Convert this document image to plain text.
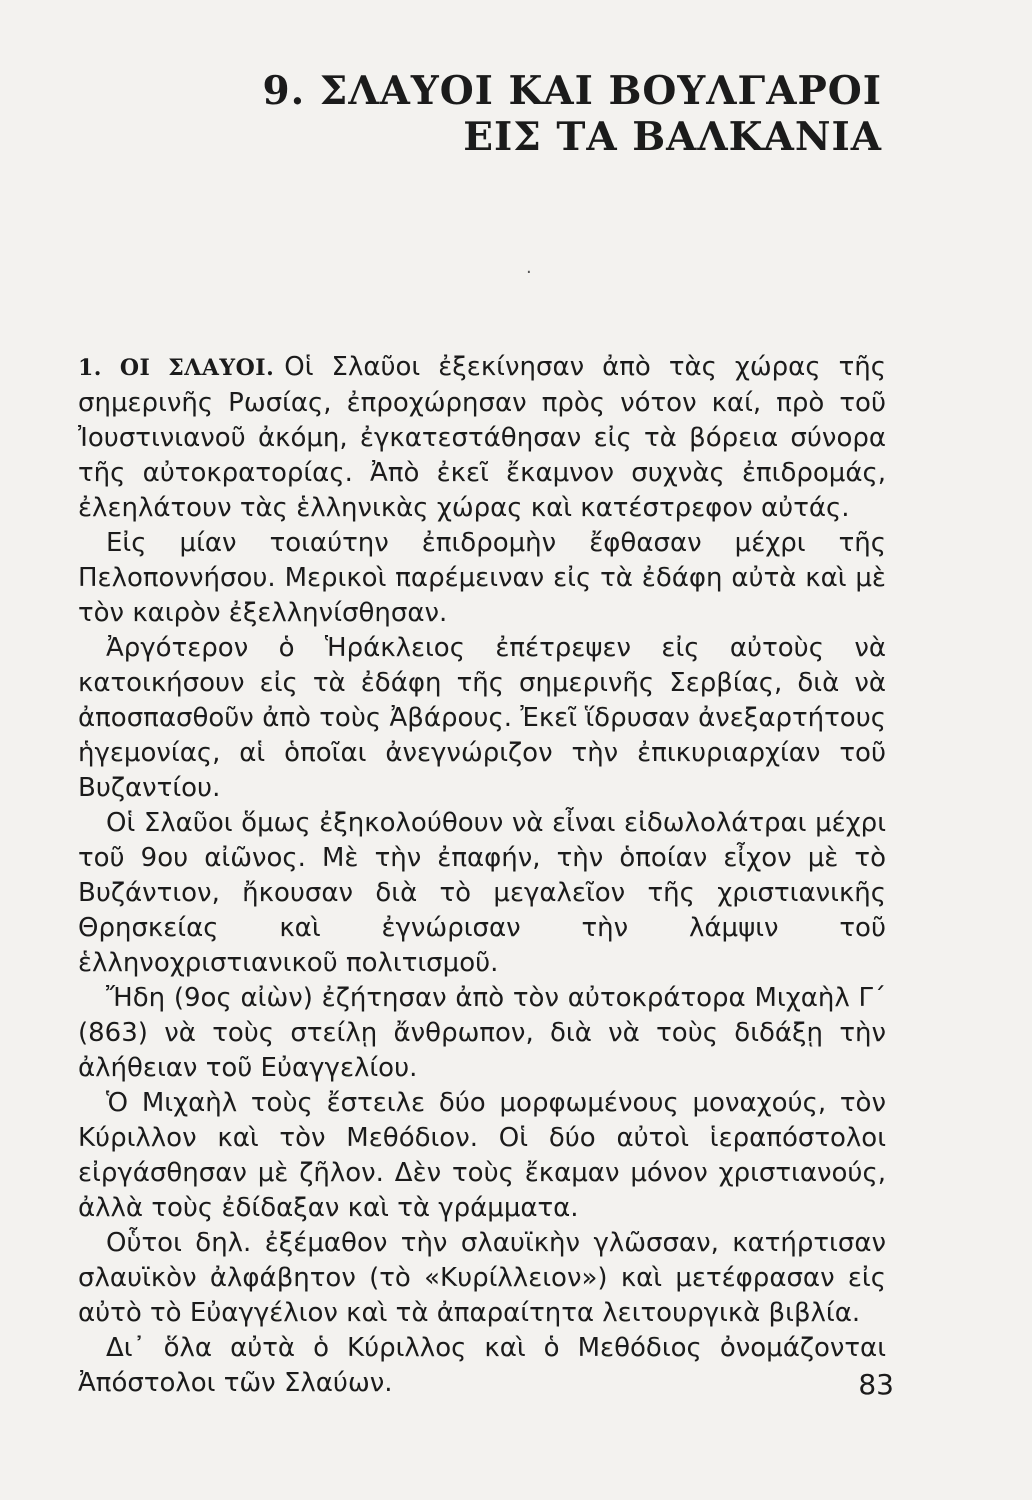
9. ΣΛΑΥΟΙ ΚΑΙ ΒΟΥΛΓΑΡΟΙ
ΕΙΣ ΤΑ ΒΑΛΚΑΝΙΑ
·

1. ΟΙ ΣΛΑΥΟΙ. Οἱ Σλαῦοι ἐξεκίνησαν ἀπὸ τὰς χώρας τῆς σημερινῆς Ρωσίας, ἐπροχώρησαν πρὸς νότον καί, πρὸ τοῦ Ἰουστινιανοῦ ἀκόμη, ἐγκατεστάθησαν εἰς τὰ βόρεια σύνορα τῆς αὐτοκρατορίας. Ἀπὸ ἐκεῖ ἔκαμνον συχνὰς ἐπιδρομάς, ἐλεηλάτουν τὰς ἑλληνικὰς χώρας καὶ κατέστρεφον αὐτάς.

Εἰς μίαν τοιαύτην ἐπιδρομὴν ἔφθασαν μέχρι τῆς Πελοποννήσου. Μερικοὶ παρέμειναν εἰς τὰ ἐδάφη αὐτὰ καὶ μὲ τὸν καιρὸν ἐξελληνίσθησαν.

Ἀργότερον ὁ Ἡράκλειος ἐπέτρεψεν εἰς αὐτοὺς νὰ κατοικήσουν εἰς τὰ ἐδάφη τῆς σημερινῆς Σερβίας, διὰ νὰ ἀποσπασθοῦν ἀπὸ τοὺς Ἀβάρους. Ἐκεῖ ἵδρυσαν ἀνεξαρτήτους ἡγεμονίας, αἱ ὁποῖαι ἀνεγνώριζον τὴν ἐπικυριαρχίαν τοῦ Βυζαντίου.

Οἱ Σλαῦοι ὅμως ἐξηκολούθουν νὰ εἶναι εἰδωλολάτραι μέχρι τοῦ 9ου αἰῶνος. Μὲ τὴν ἐπαφήν, τὴν ὁποίαν εἶχον μὲ τὸ Βυζάντιον, ἤκουσαν διὰ τὸ μεγαλεῖον τῆς χριστιανικῆς Θρησκείας καὶ ἐγνώρισαν τὴν λάμψιν τοῦ ἑλληνοχριστιανικοῦ πολιτισμοῦ.

Ἤδη (9ος αἰὼν) ἐζήτησαν ἀπὸ τὸν αὐτοκράτορα Μιχαὴλ Γ΄ (863) νὰ τοὺς στείλῃ ἄνθρωπον, διὰ νὰ τοὺς διδάξῃ τὴν ἀλήθειαν τοῦ Εὐαγγελίου.

Ὁ Μιχαὴλ τοὺς ἔστειλε δύο μορφωμένους μοναχούς, τὸν Κύριλλον καὶ τὸν Μεθόδιον. Οἱ δύο αὐτοὶ ἱεραπόστολοι εἰργάσθησαν μὲ ζῆλον. Δὲν τοὺς ἔκαμαν μόνον χριστιανούς, ἀλλὰ τοὺς ἐδίδαξαν καὶ τὰ γράμματα.

Οὗτοι δηλ. ἐξέμαθον τὴν σλαυϊκὴν γλῶσσαν, κατήρτισαν σλαυϊκὸν ἀλφάβητον (τὸ «Κυρίλλειον») καὶ μετέφρασαν εἰς αὐτὸ τὸ Εὐαγγέλιον καὶ τὰ ἀπαραίτητα λειτουργικὰ βιβλία.

Δι᾽ ὅλα αὐτὰ ὁ Κύριλλος καὶ ὁ Μεθόδιος ὀνομάζονται Ἀπόστολοι τῶν Σλαύων.	83
